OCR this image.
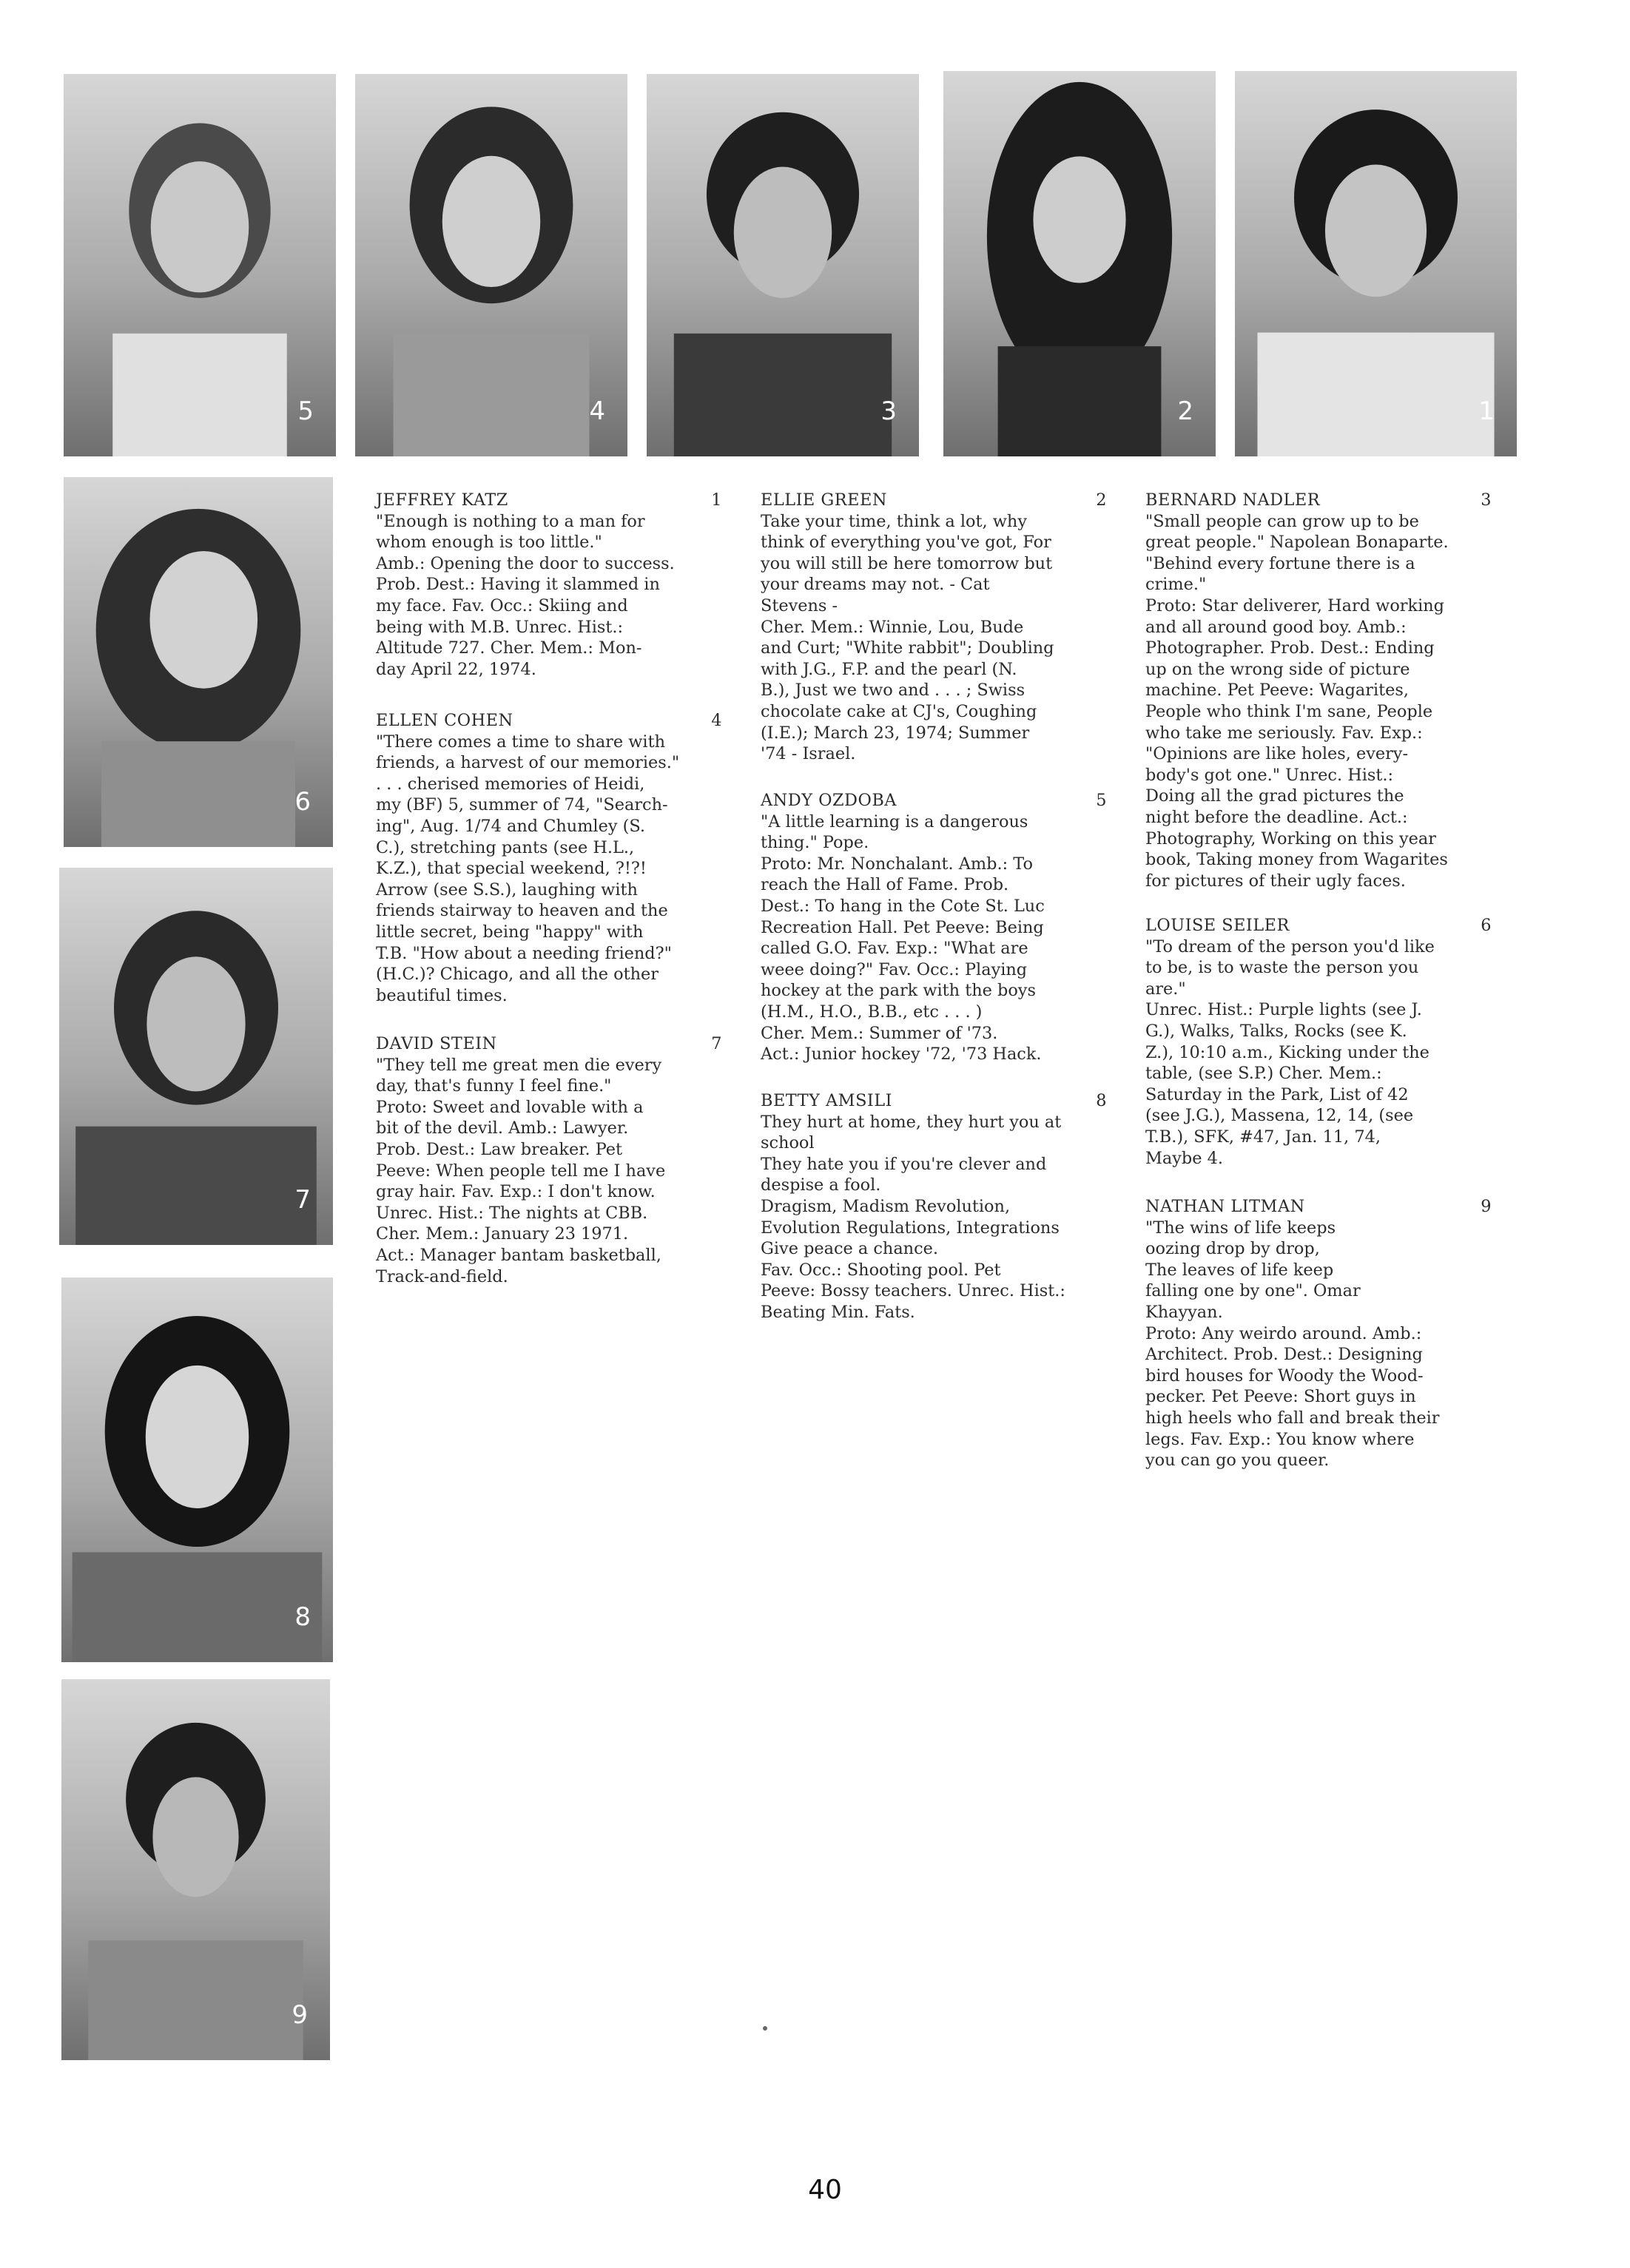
5	4	3	2	1
6
7
8
9
JEFFREY KATZ	1
"Enough is nothing to a man for
whom enough is too little."
Amb.: Opening the door to success.
Prob. Dest.: Having it slammed in
my face. Fav. Occ.: Skiing and
being with M.B. Unrec. Hist.:
Altitude 727. Cher. Mem.: Mon-
day April 22, 1974.
ELLEN COHEN	4
"There comes a time to share with
friends, a harvest of our memories."
. . . cherised memories of Heidi,
my (BF) 5, summer of 74, "Search-
ing", Aug. 1/74 and Chumley (S.
C.), stretching pants (see H.L.,
K.Z.), that special weekend, ?!?!
Arrow (see S.S.), laughing with
friends stairway to heaven and the
little secret, being "happy" with
T.B. "How about a needing friend?"
(H.C.)? Chicago, and all the other
beautiful times.
DAVID STEIN	7
"They tell me great men die every
day, that's funny I feel fine."
Proto: Sweet and lovable with a
bit of the devil. Amb.: Lawyer.
Prob. Dest.: Law breaker. Pet
Peeve: When people tell me I have
gray hair. Fav. Exp.: I don't know.
Unrec. Hist.: The nights at CBB.
Cher. Mem.: January 23 1971.
Act.: Manager bantam basketball,
Track-and-field.
ELLIE GREEN	2
Take your time, think a lot, why
think of everything you've got, For
you will still be here tomorrow but
your dreams may not. - Cat
Stevens -
Cher. Mem.: Winnie, Lou, Bude
and Curt; "White rabbit"; Doubling
with J.G., F.P. and the pearl (N.
B.), Just we two and . . . ; Swiss
chocolate cake at CJ's, Coughing
(I.E.); March 23, 1974; Summer
'74 - Israel.
ANDY OZDOBA	5
"A little learning is a dangerous
thing." Pope.
Proto: Mr. Nonchalant. Amb.: To
reach the Hall of Fame. Prob.
Dest.: To hang in the Cote St. Luc
Recreation Hall. Pet Peeve: Being
called G.O. Fav. Exp.: "What are
weee doing?" Fav. Occ.: Playing
hockey at the park with the boys
(H.M., H.O., B.B., etc . . . )
Cher. Mem.: Summer of '73.
Act.: Junior hockey '72, '73 Hack.
BETTY AMSILI	8
They hurt at home, they hurt you at
school
They hate you if you're clever and
despise a fool.
Dragism, Madism Revolution,
Evolution Regulations, Integrations
Give peace a chance.
Fav. Occ.: Shooting pool. Pet
Peeve: Bossy teachers. Unrec. Hist.:
Beating Min. Fats.
BERNARD NADLER	3
"Small people can grow up to be
great people." Napolean Bonaparte.
"Behind every fortune there is a
crime."
Proto: Star deliverer, Hard working
and all around good boy. Amb.:
Photographer. Prob. Dest.: Ending
up on the wrong side of picture
machine. Pet Peeve: Wagarites,
People who think I'm sane, People
who take me seriously. Fav. Exp.:
"Opinions are like holes, every-
body's got one." Unrec. Hist.:
Doing all the grad pictures the
night before the deadline. Act.:
Photography, Working on this year
book, Taking money from Wagarites
for pictures of their ugly faces.
LOUISE SEILER	6
"To dream of the person you'd like
to be, is to waste the person you
are."
Unrec. Hist.: Purple lights (see J.
G.), Walks, Talks, Rocks (see K.
Z.), 10:10 a.m., Kicking under the
table, (see S.P.) Cher. Mem.:
Saturday in the Park, List of 42
(see J.G.), Massena, 12, 14, (see
T.B.), SFK, #47, Jan. 11, 74,
Maybe 4.
NATHAN LITMAN	9
"The wins of life keeps
oozing drop by drop,
The leaves of life keep
falling one by one". Omar
Khayyan.
Proto: Any weirdo around. Amb.:
Architect. Prob. Dest.: Designing
bird houses for Woody the Wood-
pecker. Pet Peeve: Short guys in
high heels who fall and break their
legs. Fav. Exp.: You know where
you can go you queer.
40
